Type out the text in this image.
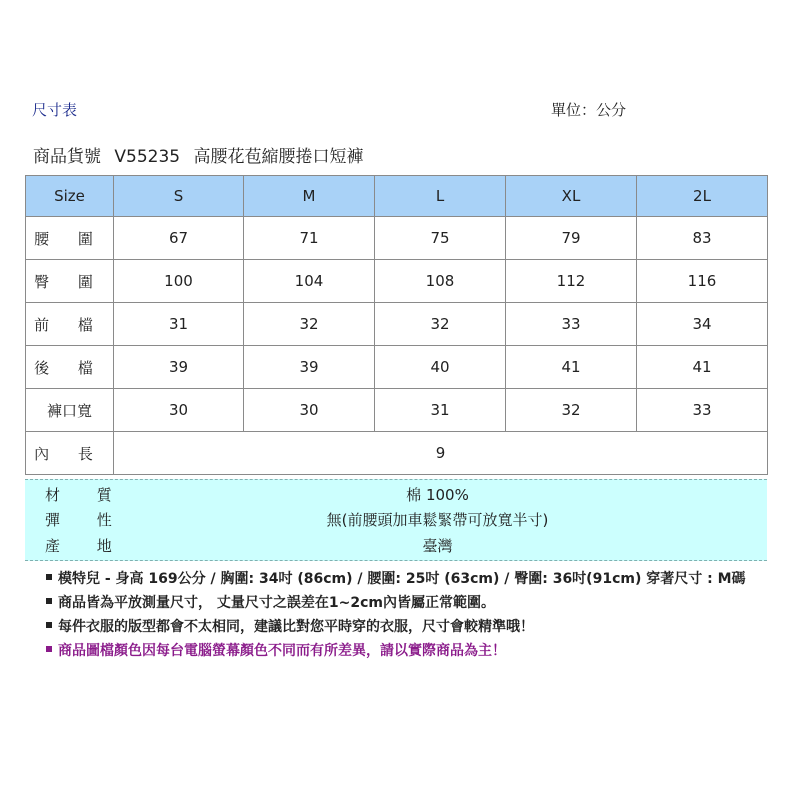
尺寸表	單位：公分
商品貨號 V55235 高腰花苞縮腰捲口短褲
Size	S	M	L	XL	2L
腰 圍	67	71	75	79	83
臀 圍	100	104	108	112	116
前 檔	31	32	32	33	34
後 檔	39	39	40	41	41
褲口寬	30	30	31	32	33
內 長	9				
材 質	棉 100%
彈 性	無(前腰頭加車鬆緊帶可放寬半寸)
產 地	臺灣
模特兒 - 身高 169公分 / 胸圍: 34吋 (86cm) / 腰圍: 25吋 (63cm) / 臀圍: 36吋(91cm) 穿著尺寸 : M碼
商品皆為平放測量尺寸， 丈量尺寸之誤差在1~2cm內皆屬正常範圍。
每件衣服的版型都會不太相同，建議比對您平時穿的衣服，尺寸會較精準哦！
商品圖檔顏色因每台電腦螢幕顏色不同而有所差異，請以實際商品為主！
